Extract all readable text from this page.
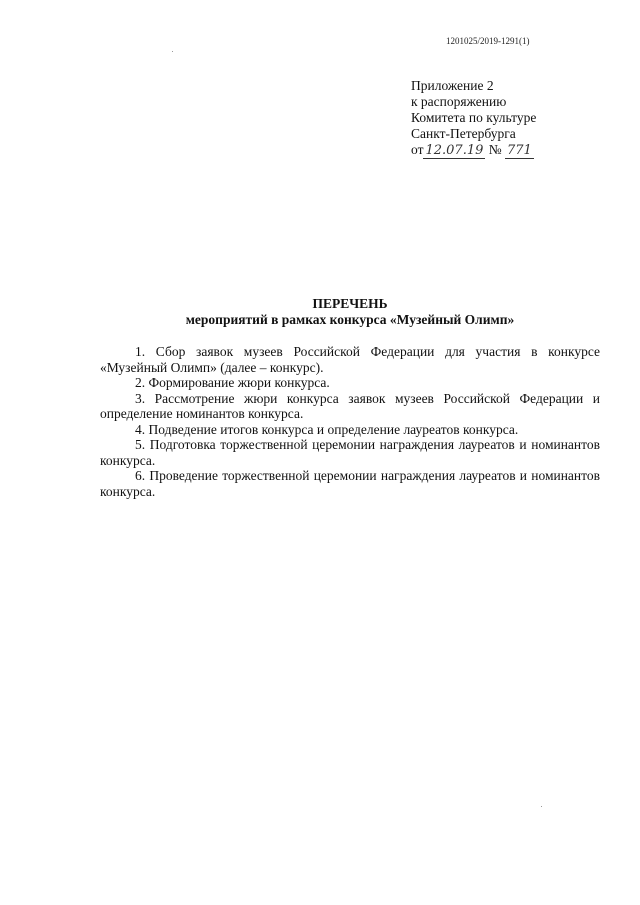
1201025/2019-1291(1)
Приложение 2
к распоряжению
Комитета по культуре
Санкт-Петербурга
от 12.07.19 № 771
ПЕРЕЧЕНЬ
мероприятий в рамках конкурса «Музейный Олимп»

1. Сбор заявок музеев Российской Федерации для участия в конкурсе «Музейный Олимп» (далее – конкурс).

2. Формирование жюри конкурса.

3. Рассмотрение жюри конкурса заявок музеев Российской Федерации и определение номинантов конкурса.

4. Подведение итогов конкурса и определение лауреатов конкурса.

5. Подготовка торжественной церемонии награждения лауреатов и номинантов конкурса.

6. Проведение торжественной церемонии награждения лауреатов и номинантов конкурса.
